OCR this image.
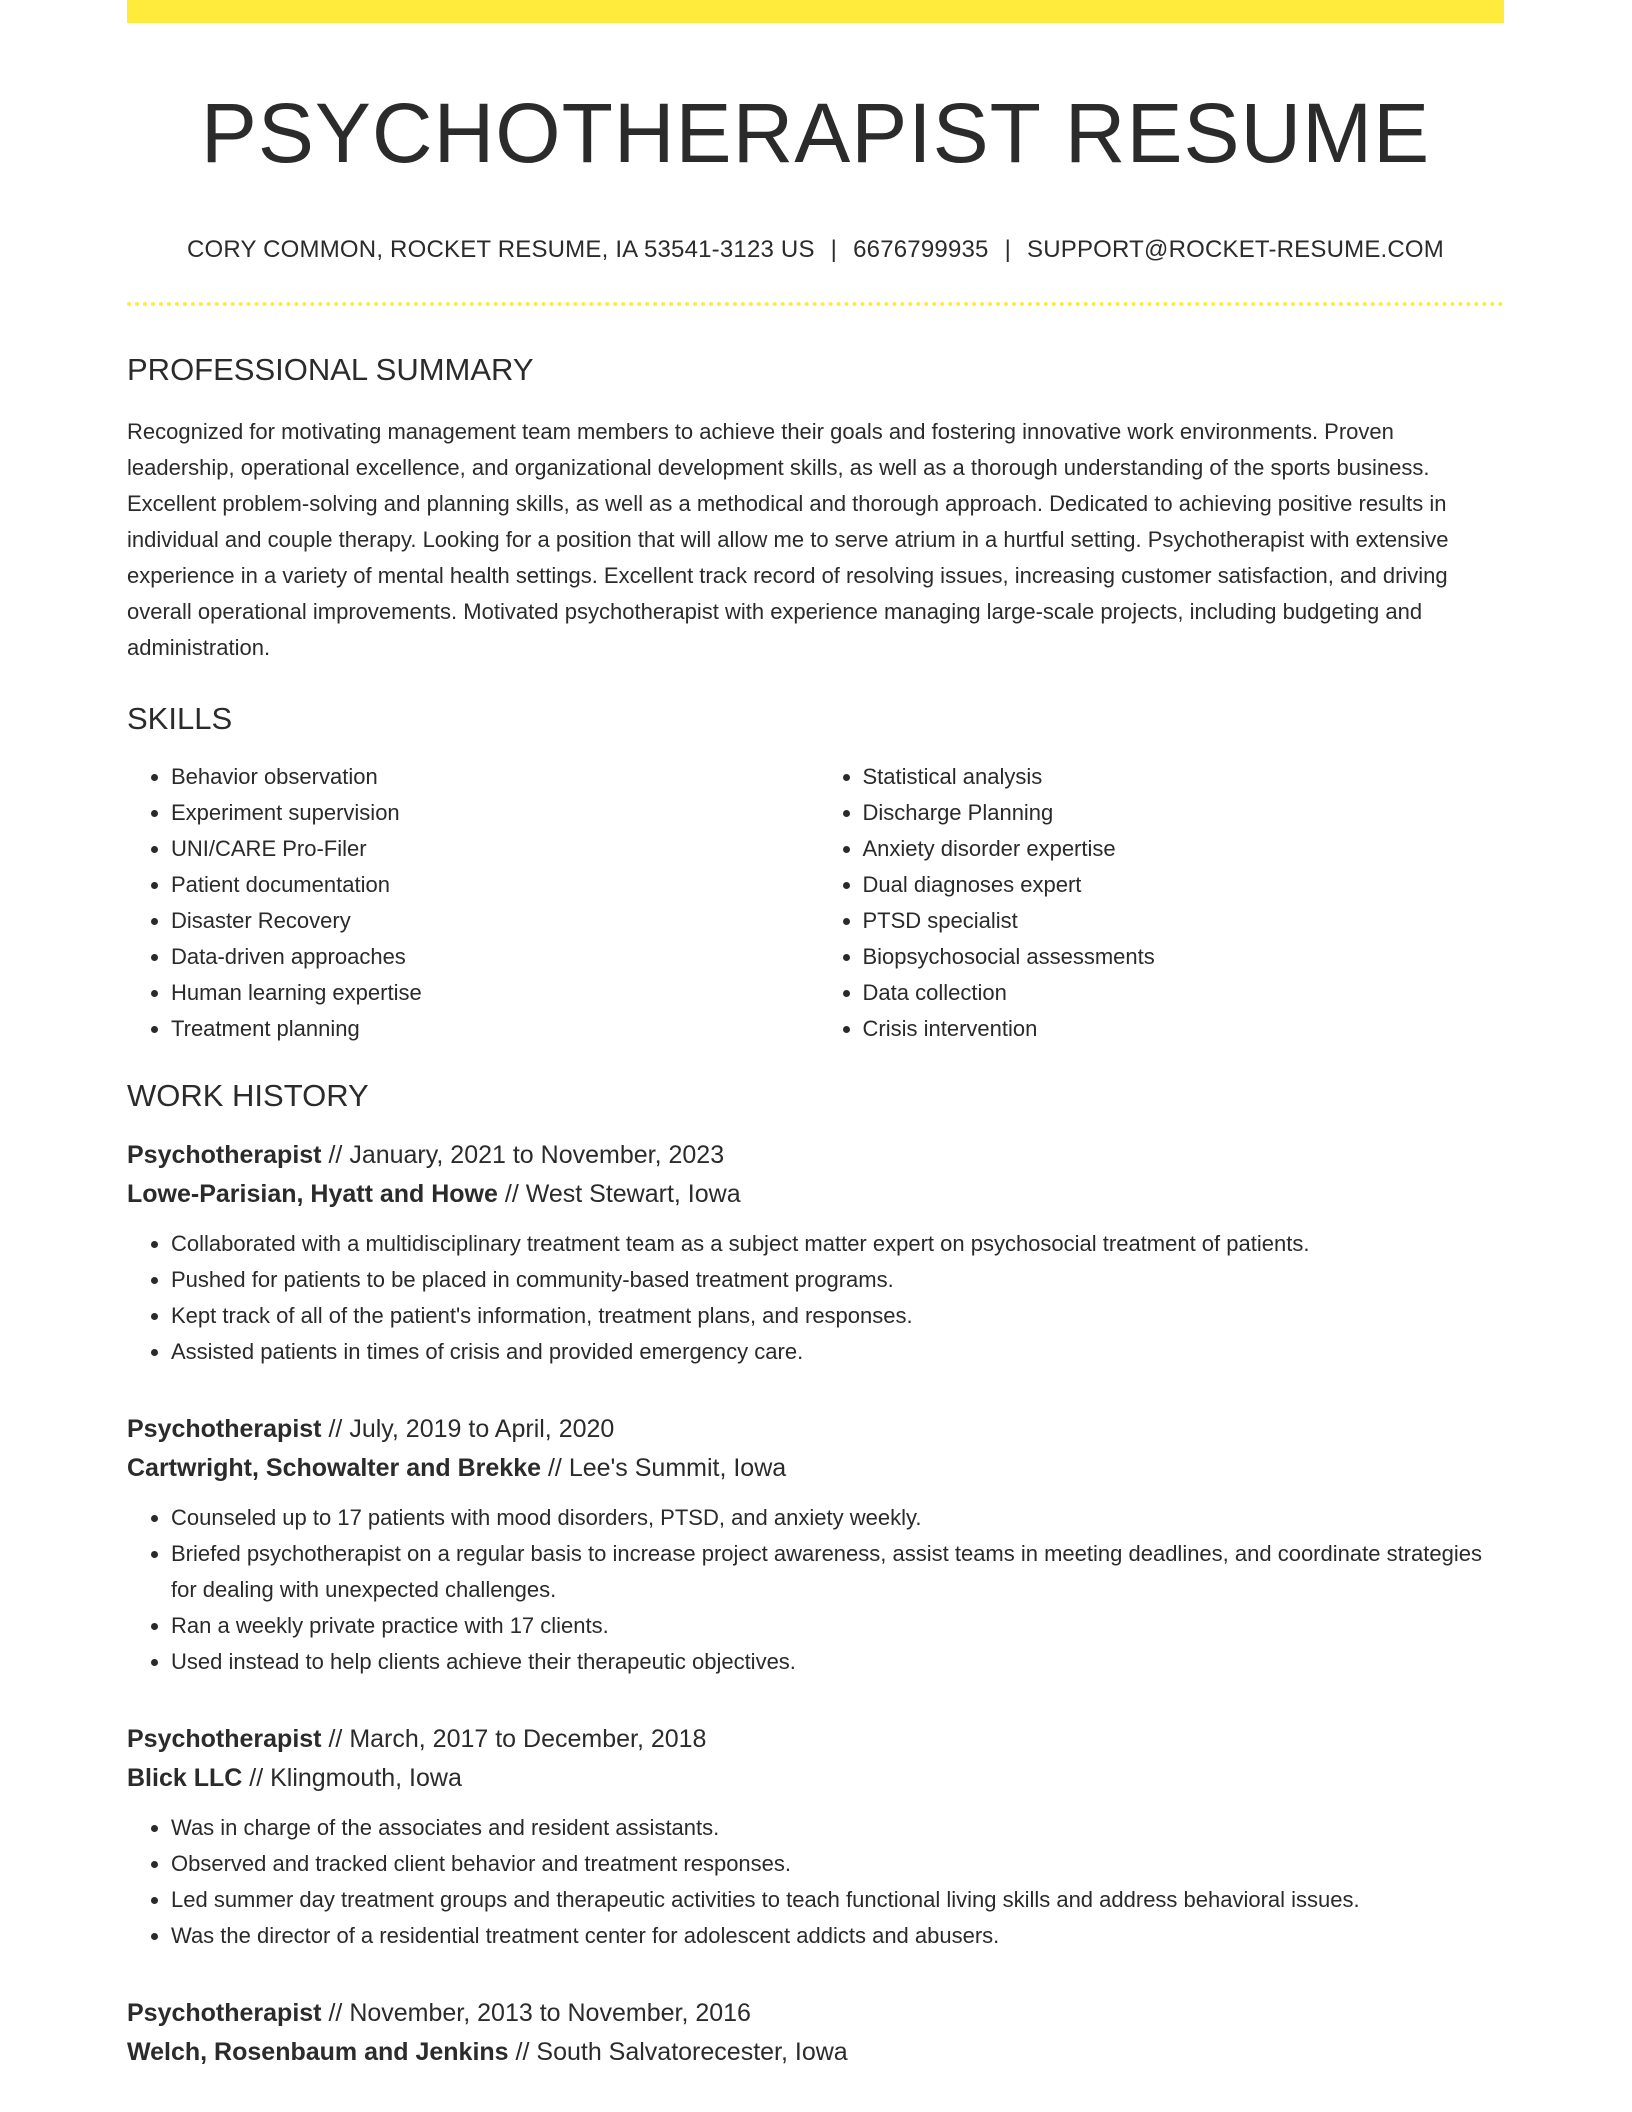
PSYCHOTHERAPIST RESUME
CORY COMMON, ROCKET RESUME, IA 53541-3123 US | 6676799935 | SUPPORT@ROCKET-RESUME.COM
PROFESSIONAL SUMMARY

Recognized for motivating management team members to achieve their goals and fostering innovative work environments. Proven leadership, operational excellence, and organizational development skills, as well as a thorough understanding of the sports business. Excellent problem-solving and planning skills, as well as a methodical and thorough approach. Dedicated to achieving positive results in individual and couple therapy. Looking for a position that will allow me to serve atrium in a hurtful setting. Psychotherapist with extensive experience in a variety of mental health settings. Excellent track record of resolving issues, increasing customer satisfaction, and driving overall operational improvements. Motivated psychotherapist with experience managing large-scale projects, including budgeting and administration.

SKILLS
• Behavior observation
• Experiment supervision
• UNI/CARE Pro-Filer
• Patient documentation
• Disaster Recovery
• Data-driven approaches
• Human learning expertise
• Treatment planning
• Statistical analysis
• Discharge Planning
• Anxiety disorder expertise
• Dual diagnoses expert
• PTSD specialist
• Biopsychosocial assessments
• Data collection
• Crisis intervention
WORK HISTORY
Psychotherapist // January, 2021 to November, 2023
Lowe-Parisian, Hyatt and Howe // West Stewart, Iowa
• Collaborated with a multidisciplinary treatment team as a subject matter expert on psychosocial treatment of patients.
• Pushed for patients to be placed in community-based treatment programs.
• Kept track of all of the patient's information, treatment plans, and responses.
• Assisted patients in times of crisis and provided emergency care.
Psychotherapist // July, 2019 to April, 2020
Cartwright, Schowalter and Brekke // Lee's Summit, Iowa
• Counseled up to 17 patients with mood disorders, PTSD, and anxiety weekly.
• Briefed psychotherapist on a regular basis to increase project awareness, assist teams in meeting deadlines, and coordinate strategies for dealing with unexpected challenges.
• Ran a weekly private practice with 17 clients.
• Used instead to help clients achieve their therapeutic objectives.
Psychotherapist // March, 2017 to December, 2018
Blick LLC // Klingmouth, Iowa
• Was in charge of the associates and resident assistants.
• Observed and tracked client behavior and treatment responses.
• Led summer day treatment groups and therapeutic activities to teach functional living skills and address behavioral issues.
• Was the director of a residential treatment center for adolescent addicts and abusers.
Psychotherapist // November, 2013 to November, 2016
Welch, Rosenbaum and Jenkins // South Salvatorecester, Iowa
